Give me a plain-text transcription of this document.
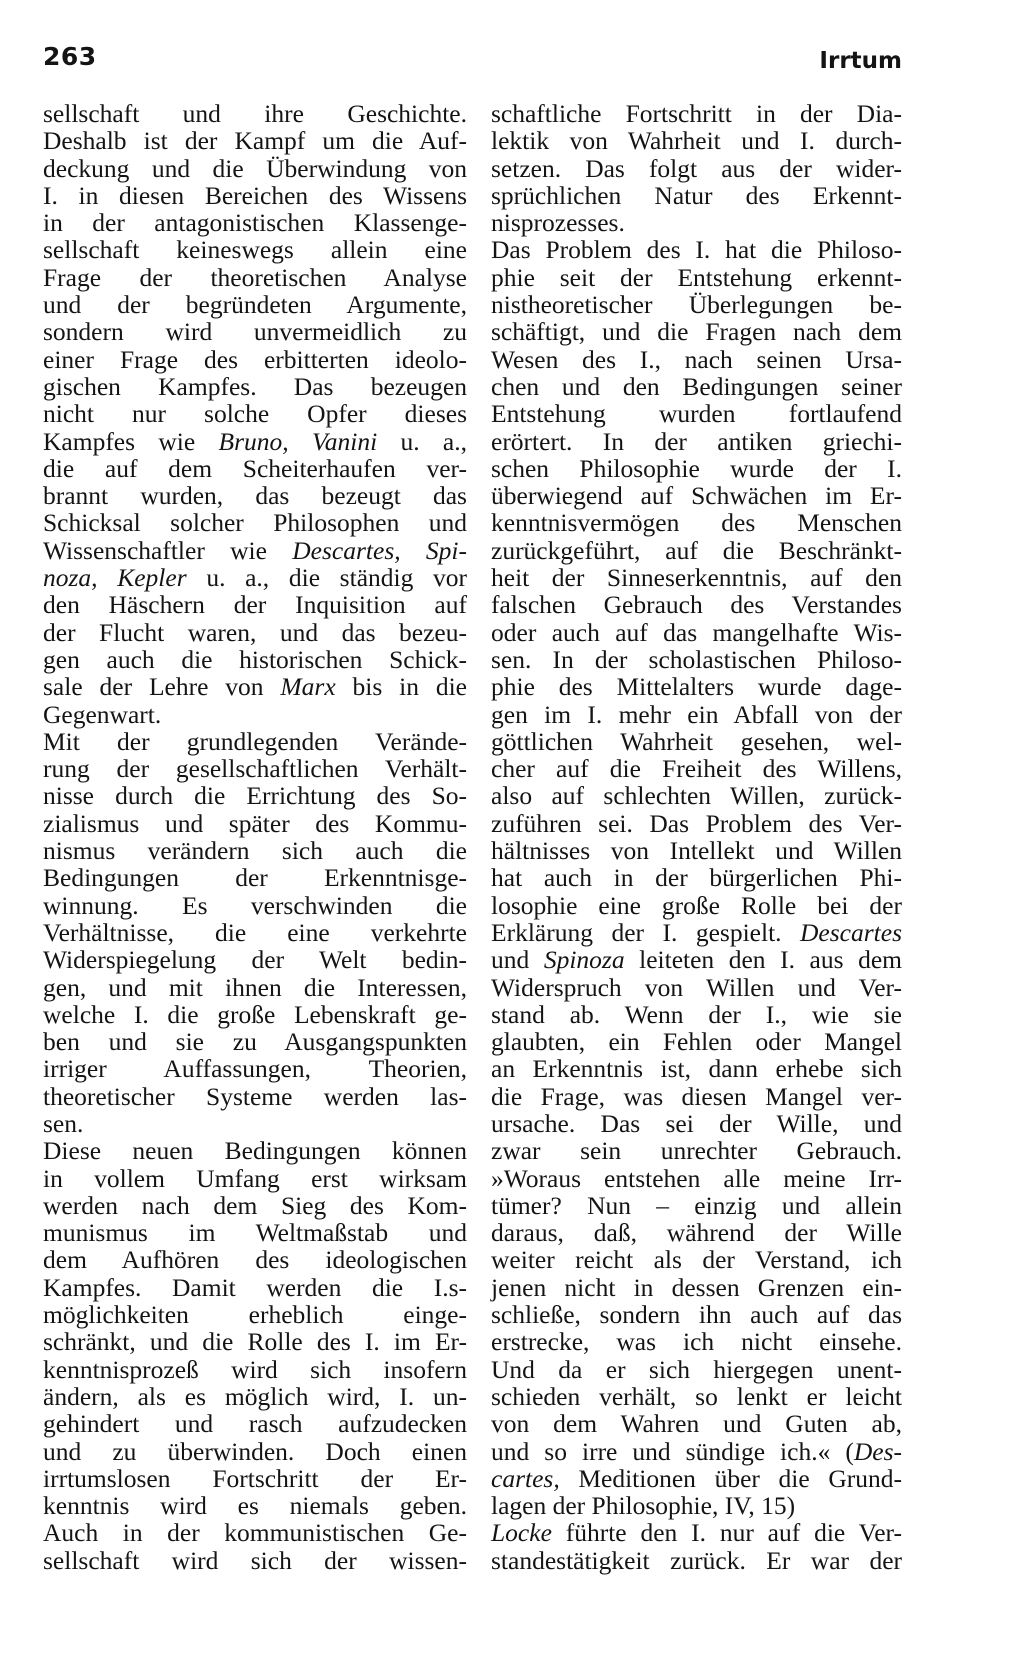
263	Irrtum
sellschaft und ihre Geschichte.
Deshalb ist der Kampf um die Auf-
deckung und die Überwindung von
I. in diesen Bereichen des Wissens
in der antagonistischen Klassenge-
sellschaft keineswegs allein eine
Frage der theoretischen Analyse
und der begründeten Argumente,
sondern wird unvermeidlich zu
einer Frage des erbitterten ideolo-
gischen Kampfes. Das bezeugen
nicht nur solche Opfer dieses
Kampfes wie Bruno, Vanini u. a.,
die auf dem Scheiterhaufen ver-
brannt wurden, das bezeugt das
Schicksal solcher Philosophen und
Wissenschaftler wie Descartes, Spi-
noza, Kepler u. a., die ständig vor
den Häschern der Inquisition auf
der Flucht waren, und das bezeu-
gen auch die historischen Schick-
sale der Lehre von Marx bis in die
Gegenwart.
Mit der grundlegenden Verände-
rung der gesellschaftlichen Verhält-
nisse durch die Errichtung des So-
zialismus und später des Kommu-
nismus verändern sich auch die
Bedingungen der Erkenntnisge-
winnung. Es verschwinden die
Verhältnisse, die eine verkehrte
Widerspiegelung der Welt bedin-
gen, und mit ihnen die Interessen,
welche I. die große Lebenskraft ge-
ben und sie zu Ausgangspunkten
irriger Auffassungen, Theorien,
theoretischer Systeme werden las-
sen.
Diese neuen Bedingungen können
in vollem Umfang erst wirksam
werden nach dem Sieg des Kom-
munismus im Weltmaßstab und
dem Aufhören des ideologischen
Kampfes. Damit werden die I.s-
möglichkeiten erheblich einge-
schränkt, und die Rolle des I. im Er-
kenntnisprozeß wird sich insofern
ändern, als es möglich wird, I. un-
gehindert und rasch aufzudecken
und zu überwinden. Doch einen
irrtumslosen Fortschritt der Er-
kenntnis wird es niemals geben.
Auch in der kommunistischen Ge-
sellschaft wird sich der wissen-
schaftliche Fortschritt in der Dia-
lektik von Wahrheit und I. durch-
setzen. Das folgt aus der wider-
sprüchlichen Natur des Erkennt-
nisprozesses.
Das Problem des I. hat die Philoso-
phie seit der Entstehung erkennt-
nistheoretischer Überlegungen be-
schäftigt, und die Fragen nach dem
Wesen des I., nach seinen Ursa-
chen und den Bedingungen seiner
Entstehung wurden fortlaufend
erörtert. In der antiken griechi-
schen Philosophie wurde der I.
überwiegend auf Schwächen im Er-
kenntnisvermögen des Menschen
zurückgeführt, auf die Beschränkt-
heit der Sinneserkenntnis, auf den
falschen Gebrauch des Verstandes
oder auch auf das mangelhafte Wis-
sen. In der scholastischen Philoso-
phie des Mittelalters wurde dage-
gen im I. mehr ein Abfall von der
göttlichen Wahrheit gesehen, wel-
cher auf die Freiheit des Willens,
also auf schlechten Willen, zurück-
zuführen sei. Das Problem des Ver-
hältnisses von Intellekt und Willen
hat auch in der bürgerlichen Phi-
losophie eine große Rolle bei der
Erklärung der I. gespielt. Descartes
und Spinoza leiteten den I. aus dem
Widerspruch von Willen und Ver-
stand ab. Wenn der I., wie sie
glaubten, ein Fehlen oder Mangel
an Erkenntnis ist, dann erhebe sich
die Frage, was diesen Mangel ver-
ursache. Das sei der Wille, und
zwar sein unrechter Gebrauch.
»Woraus entstehen alle meine Irr-
tümer? Nun – einzig und allein
daraus, daß, während der Wille
weiter reicht als der Verstand, ich
jenen nicht in dessen Grenzen ein-
schließe, sondern ihn auch auf das
erstrecke, was ich nicht einsehe.
Und da er sich hiergegen unent-
schieden verhält, so lenkt er leicht
von dem Wahren und Guten ab,
und so irre und sündige ich.« (Des-
cartes, Meditionen über die Grund-
lagen der Philosophie, IV, 15)
Locke führte den I. nur auf die Ver-
standestätigkeit zurück. Er war der
